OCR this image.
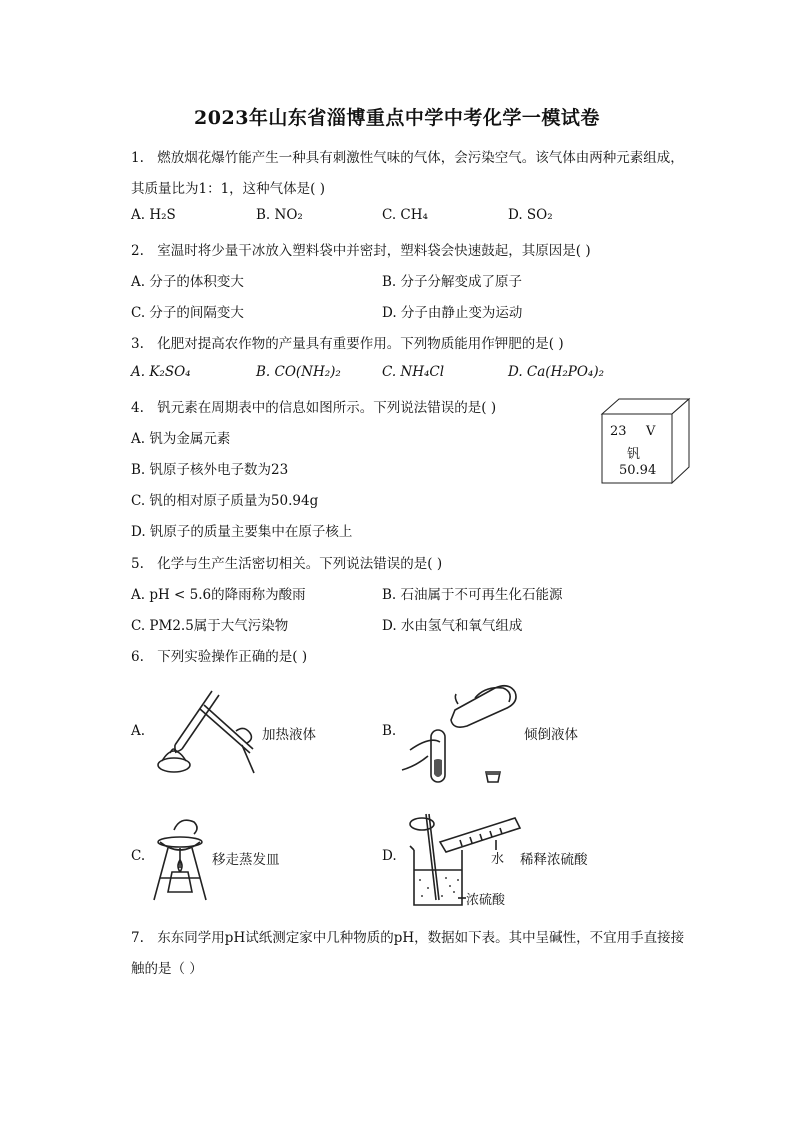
2023年山东省淄博重点中学中考化学一模试卷
1. 燃放烟花爆竹能产生一种具有刺激性气味的气体，会污染空气。该气体由两种元素组成，
其质量比为1：1，这种气体是( )
A. H₂S	B. NO₂	C. CH₄	D. SO₂
2. 室温时将少量干冰放入塑料袋中并密封，塑料袋会快速鼓起，其原因是( )
A. 分子的体积变大	B. 分子分解变成了原子
C. 分子的间隔变大	D. 分子由静止变为运动
3. 化肥对提高农作物的产量具有重要作用。下列物质能用作钾肥的是( )
A. K₂SO₄	B. CO(NH₂)₂	C. NH₄Cl	D. Ca(H₂PO₄)₂
4. 钒元素在周期表中的信息如图所示。下列说法错误的是( )
A. 钒为金属元素
B. 钒原子核外电子数为23
C. 钒的相对原子质量为50.94g
D. 钒原子的质量主要集中在原子核上
23 V
钒
50.94
5. 化学与生产生活密切相关。下列说法错误的是( )
A. pH < 5.6的降雨称为酸雨	B. 石油属于不可再生化石能源
C. PM2.5属于大气污染物	D. 水由氢气和氧气组成
6. 下列实验操作正确的是( )
A.	加热液体	B.	倾倒液体
C.	移走蒸发皿	D.	水 稀释浓硫酸
浓硫酸
7. 东东同学用pH试纸测定家中几种物质的pH，数据如下表。其中呈碱性，不宜用手直接接
触的是（ ）
